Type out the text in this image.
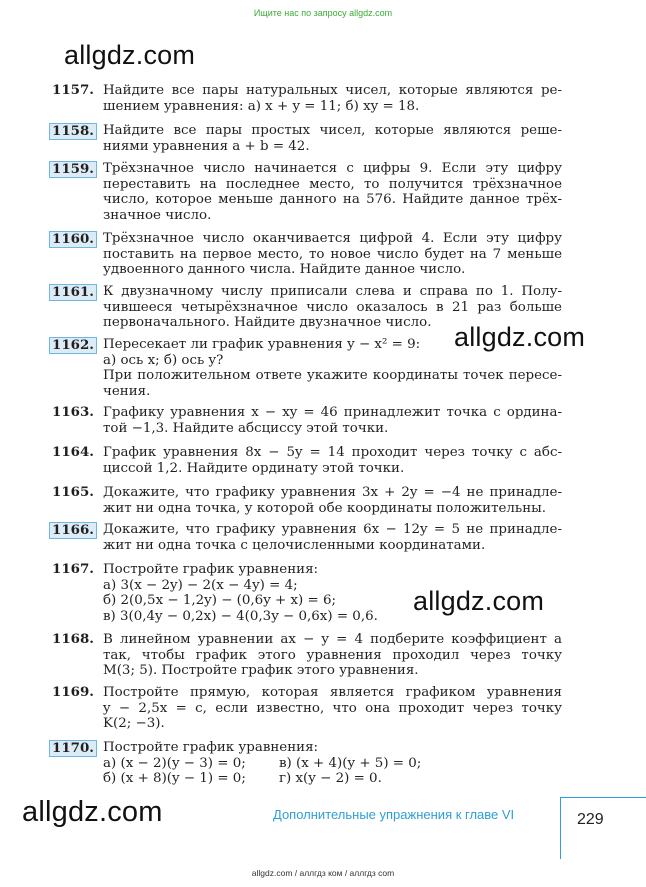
Ищите нас по запросу allgdz.com
allgdz.com
allgdz.com
allgdz.com
allgdz.com
1157. Найдите все пары натуральных чисел, которые являются ре-
шением уравнения: а) x + y = 11; б) xy = 18.
1158. Найдите все пары простых чисел, которые являются реше-
ниями уравнения a + b = 42.
1159. Трёхзначное число начинается с цифры 9. Если эту цифру
переставить на последнее место, то получится трёхзначное
число, которое меньше данного на 576. Найдите данное трёх-
значное число.
1160. Трёхзначное число оканчивается цифрой 4. Если эту цифру
поставить на первое место, то новое число будет на 7 меньше
удвоенного данного числа. Найдите данное число.
1161. К двузначному числу приписали слева и справа по 1. Полу-
чившееся четырёхзначное число оказалось в 21 раз больше
первоначального. Найдите двузначное число.
1162. Пересекает ли график уравнения y − x² = 9:
а) ось x; б) ось y?
При положительном ответе укажите координаты точек пересе-
чения.
1163. Графику уравнения x − xy = 46 принадлежит точка с ордина-
той −1,3. Найдите абсциссу этой точки.
1164. График уравнения 8x − 5y = 14 проходит через точку с абс-
циссой 1,2. Найдите ординату этой точки.
1165. Докажите, что графику уравнения 3x + 2y = −4 не принадле-
жит ни одна точка, у которой обе координаты положительны.
1166. Докажите, что графику уравнения 6x − 12y = 5 не принадле-
жит ни одна точка с целочисленными координатами.
1167. Постройте график уравнения:
а) 3(x − 2y) − 2(x − 4y) = 4;
б) 2(0,5x − 1,2y) − (0,6y + x) = 6;
в) 3(0,4y − 0,2x) − 4(0,3y − 0,6x) = 0,6.
1168. В линейном уравнении ax − y = 4 подберите коэффициент a
так, чтобы график этого уравнения проходил через точку
M(3; 5). Постройте график этого уравнения.
1169. Постройте прямую, которая является графиком уравнения
y − 2,5x = c, если известно, что она проходит через точку
K(2; −3).
1170. Постройте график уравнения:
а) (x − 2)(y − 3) = 0;
б) (x + 8)(y − 1) = 0;
в) (x + 4)(y + 5) = 0;
г) x(y − 2) = 0.
Дополнительные упражнения к главе VI	229
allgdz.com / аллгдз ком / аллгдз com
